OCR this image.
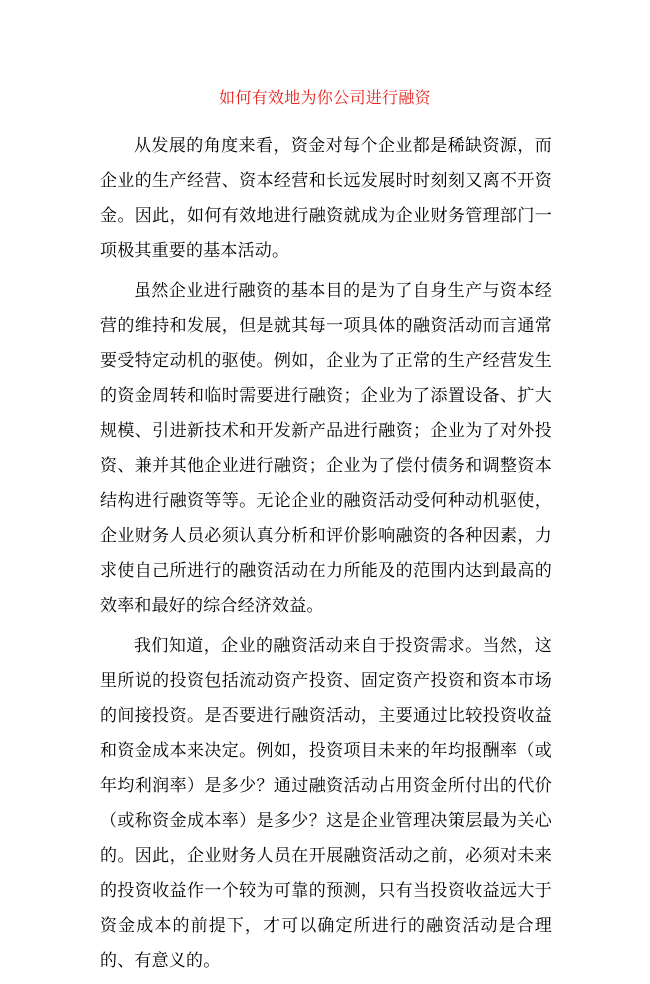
如何有效地为你公司进行融资

从发展的角度来看，资金对每个企业都是稀缺资源，而企业的生产经营、资本经营和长远发展时时刻刻又离不开资金。因此，如何有效地进行融资就成为企业财务管理部门一项极其重要的基本活动。

虽然企业进行融资的基本目的是为了自身生产与资本经营的维持和发展，但是就其每一项具体的融资活动而言通常要受特定动机的驱使。例如，企业为了正常的生产经营发生的资金周转和临时需要进行融资；企业为了添置设备、扩大规模、引进新技术和开发新产品进行融资；企业为了对外投资、兼并其他企业进行融资；企业为了偿付债务和调整资本结构进行融资等等。无论企业的融资活动受何种动机驱使，企业财务人员必须认真分析和评价影响融资的各种因素，力求使自己所进行的融资活动在力所能及的范围内达到最高的效率和最好的综合经济效益。

我们知道，企业的融资活动来自于投资需求。当然，这里所说的投资包括流动资产投资、固定资产投资和资本市场的间接投资。是否要进行融资活动，主要通过比较投资收益和资金成本来决定。例如，投资项目未来的年均报酬率（或年均利润率）是多少？通过融资活动占用资金所付出的代价（或称资金成本率）是多少？这是企业管理决策层最为关心的。因此，企业财务人员在开展融资活动之前，必须对未来的投资收益作一个较为可靠的预测，只有当投资收益远大于资金成本的前提下，才可以确定所进行的融资活动是合理的、有意义的。
